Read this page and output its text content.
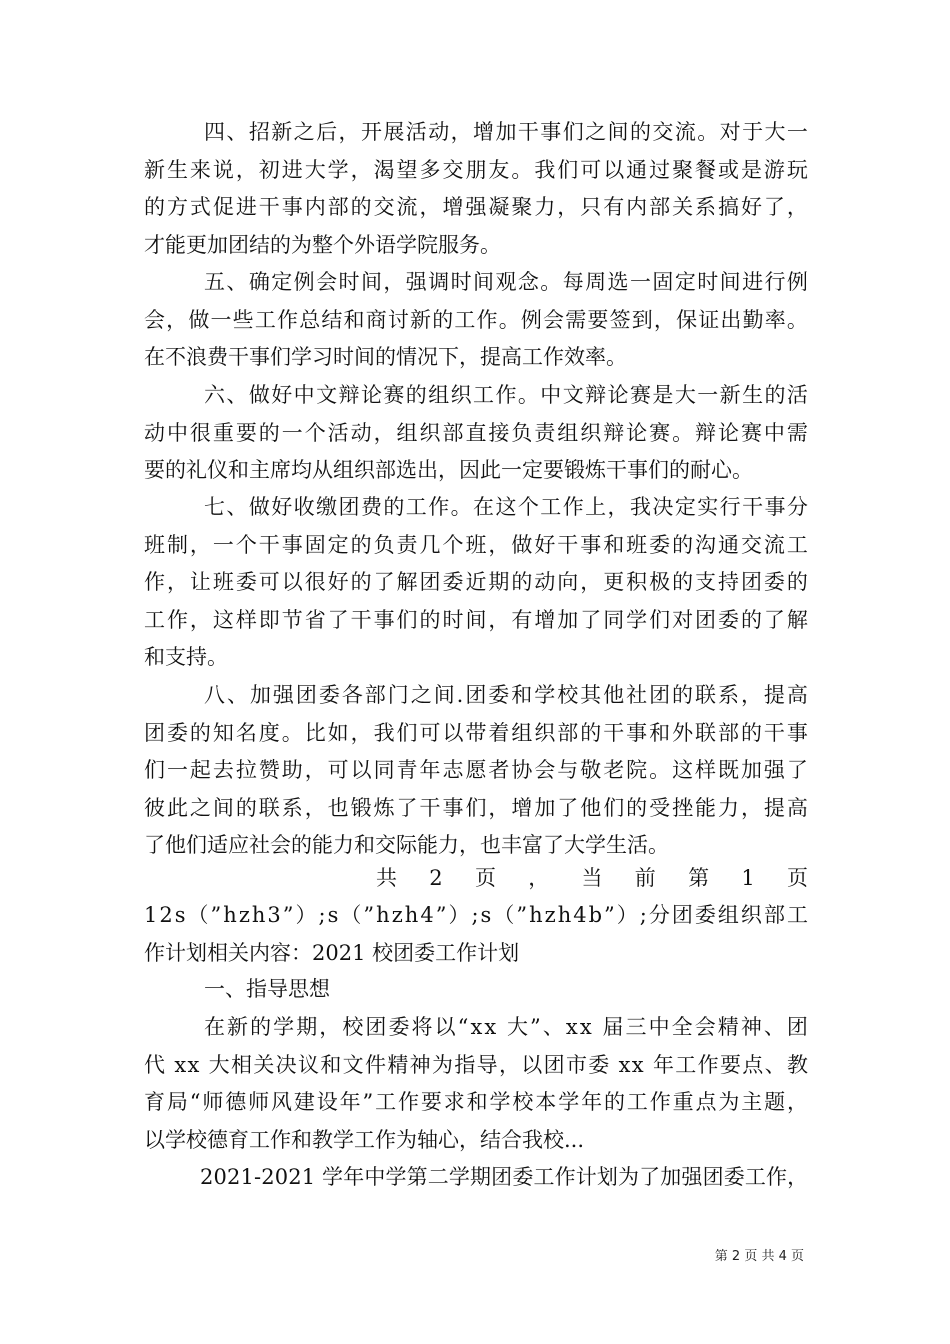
四、招新之后，开展活动，增加干事们之间的交流。对于大一
新生来说，初进大学，渴望多交朋友。我们可以通过聚餐或是游玩
的方式促进干事内部的交流，增强凝聚力，只有内部关系搞好了，
才能更加团结的为整个外语学院服务。
五、确定例会时间，强调时间观念。每周选一固定时间进行例
会，做一些工作总结和商讨新的工作。例会需要签到，保证出勤率。
在不浪费干事们学习时间的情况下，提高工作效率。
六、做好中文辩论赛的组织工作。中文辩论赛是大一新生的活
动中很重要的一个活动，组织部直接负责组织辩论赛。辩论赛中需
要的礼仪和主席均从组织部选出，因此一定要锻炼干事们的耐心。
七、做好收缴团费的工作。在这个工作上，我决定实行干事分
班制，一个干事固定的负责几个班，做好干事和班委的沟通交流工
作，让班委可以很好的了解团委近期的动向，更积极的支持团委的
工作，这样即节省了干事们的时间，有增加了同学们对团委的了解
和支持。
八、加强团委各部门之间.团委和学校其他社团的联系，提高
团委的知名度。比如，我们可以带着组织部的干事和外联部的干事
们一起去拉赞助，可以同青年志愿者协会与敬老院。这样既加强了
彼此之间的联系，也锻炼了干事们，增加了他们的受挫能力，提高
了他们适应社会的能力和交际能力，也丰富了大学生活。
共 2 页 ， 当 前 第 1 页
12s（”hzh3”）;s（”hzh4”）;s（”hzh4b”）;分团委组织部工
作计划相关内容：2021 校团委工作计划
一、指导思想
在新的学期，校团委将以“xx 大”、xx 届三中全会精神、团
代 xx 大相关决议和文件精神为指导，以团市委 xx 年工作要点、教
育局“师德师风建设年”工作要求和学校本学年的工作重点为主题，
以学校德育工作和教学工作为轴心，结合我校...
2021-2021 学年中学第二学期团委工作计划为了加强团委工作，
第 2 页 共 4 页
